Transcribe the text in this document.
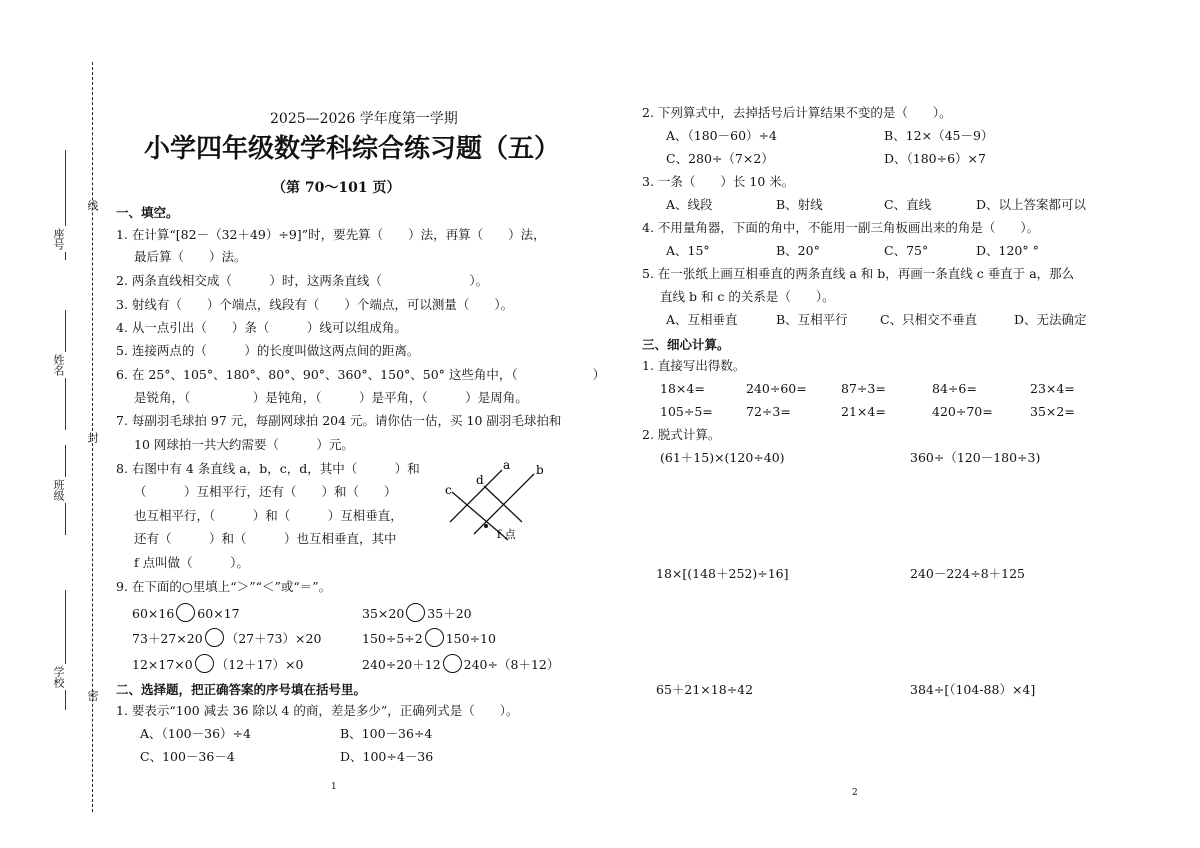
线
封
密
座号
姓名
班级
学校
2025—2026 学年度第一学期
小学四年级数学科综合练习题（五）
（第 70～101 页）
一、填空。
1. 在计算“[82－（32＋49）÷9]”时，要先算（　　）法，再算（　　）法，
最后算（　　）法。
2. 两条直线相交成（　　　）时，这两条直线（　　　　　　　）。
3. 射线有（　　）个端点，线段有（　　）个端点，可以测量（　　）。
4. 从一点引出（　　）条（　　　）线可以组成角。
5. 连接两点的（　　　）的长度叫做这两点间的距离。
6. 在 25°、105°、180°、80°、90°、360°、150°、50° 这些角中，（　　　　　　）
是锐角，（　　　　　）是钝角，（　　　）是平角，（　　　）是周角。
7. 每副羽毛球拍 97 元，每副网球拍 204 元。请你估一估，买 10 副羽毛球拍和
10 网球拍一共大约需要（　　　）元。
8. 右图中有 4 条直线 a，b，c，d，其中（　　　）和
（　　　）互相平行，还有（　　）和（　　）
也互相平行，（　　　）和（　　　）互相垂直，
还有（　　　）和（　　　）也互相垂直，其中
f 点叫做（　　　）。
a b
c
d
f 点
9. 在下面的○里填上“＞”“＜”或“＝”。
60×16 60×17	35×20 35＋20
73＋27×20 （27＋73）×20	150÷5÷2 150÷10
12×17×0 （12＋17）×0	240÷20＋12 240÷（8＋12）
二、选择题，把正确答案的序号填在括号里。
1. 要表示“100 减去 36 除以 4 的商，差是多少”，正确列式是（　　）。
A、（100－36）÷4	B、100－36÷4
C、100－36－4	D、100÷4－36
1
2. 下列算式中，去掉括号后计算结果不变的是（　　）。
A、（180－60）÷4	B、12×（45－9）
C、280÷（7×2）	D、（180÷6）×7
3. 一条（　　）长 10 米。
A、线段	B、射线	C、直线	D、以上答案都可以
4. 不用量角器，下面的角中，不能用一副三角板画出来的角是（　　）。
A、15°	B、20°	C、75°	D、120° °
5. 在一张纸上画互相垂直的两条直线 a 和 b，再画一条直线 c 垂直于 a，那么
直线 b 和 c 的关系是（　　）。
A、互相垂直	B、互相平行	C、只相交不垂直	D、无法确定
三、细心计算。
1. 直接写出得数。
18×4=	240÷60=	87÷3=	84÷6=	23×4=
105÷5=	72÷3=	21×4=	420÷70=	35×2=
2. 脱式计算。
(61＋15)×(120÷40)	360÷（120－180÷3)
18×[(148＋252)÷16]	240－224÷8＋125
65＋21×18÷42	384÷[（104-88）×4]
2
